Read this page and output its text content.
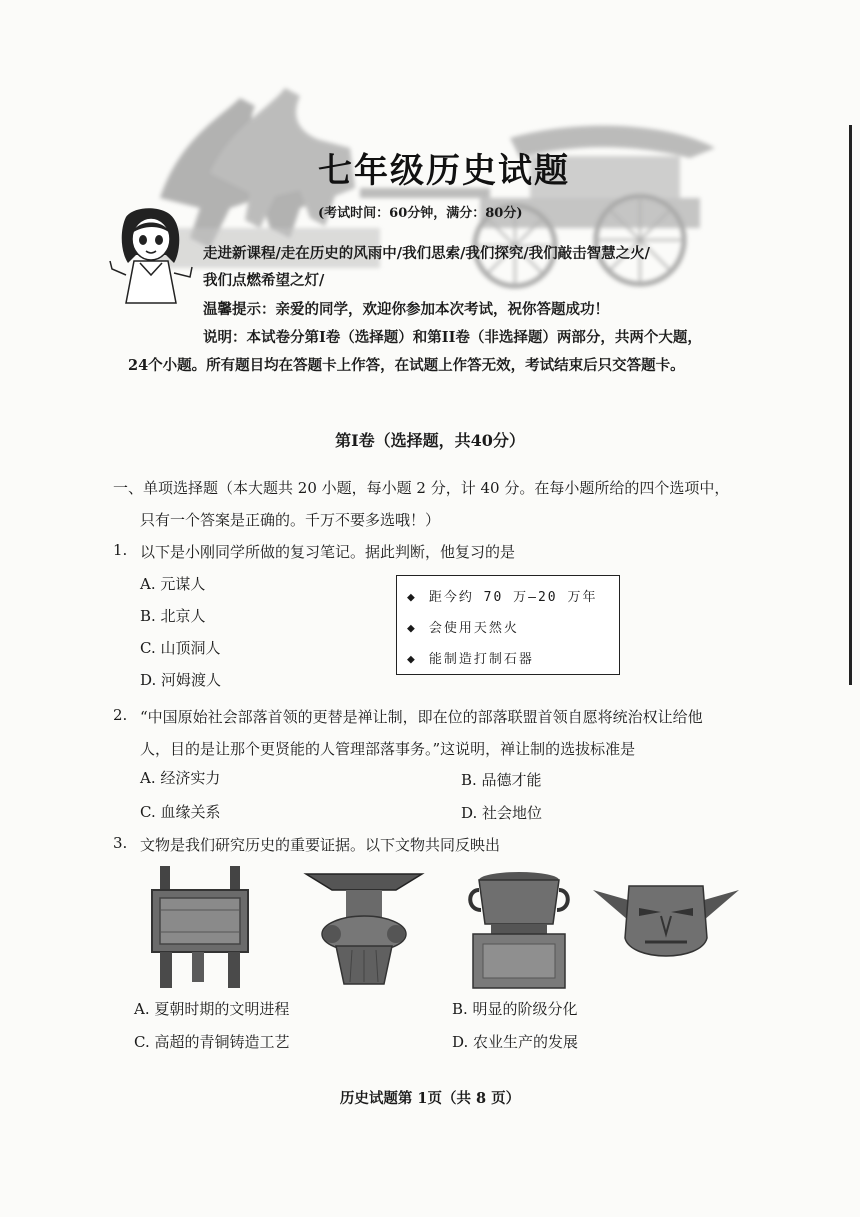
七年级历史试题
(考试时间：60分钟，满分：80分)
走进新课程/走在历史的风雨中/我们思索/我们探究/我们敲击智慧之火/
我们点燃希望之灯/
温馨提示：亲爱的同学，欢迎你参加本次考试，祝你答题成功！
说明：本试卷分第I卷（选择题）和第II卷（非选择题）两部分，共两个大题，
24个小题。所有题目均在答题卡上作答，在试题上作答无效，考试结束后只交答题卡。
第I卷（选择题，共40分）
一、单项选择题（本大题共 20 小题，每小题 2 分，计 40 分。在每小题所给的四个选项中，
只有一个答案是正确的。千万不要多选哦！）
1. 以下是小刚同学所做的复习笔记。据此判断，他复习的是
A. 元谋人
B. 北京人
C. 山顶洞人
D. 河姆渡人
◆ 距今约 70 万—20 万年
◆ 会使用天然火
◆ 能制造打制石器
2. “中国原始社会部落首领的更替是禅让制，即在位的部落联盟首领自愿将统治权让给他
人，目的是让那个更贤能的人管理部落事务。”这说明，禅让制的选拔标准是
A. 经济实力	B. 品德才能
C. 血缘关系	D. 社会地位
3. 文物是我们研究历史的重要证据。以下文物共同反映出
A. 夏朝时期的文明进程	B. 明显的阶级分化
C. 高超的青铜铸造工艺	D. 农业生产的发展
历史试题第 1页（共 8 页）
